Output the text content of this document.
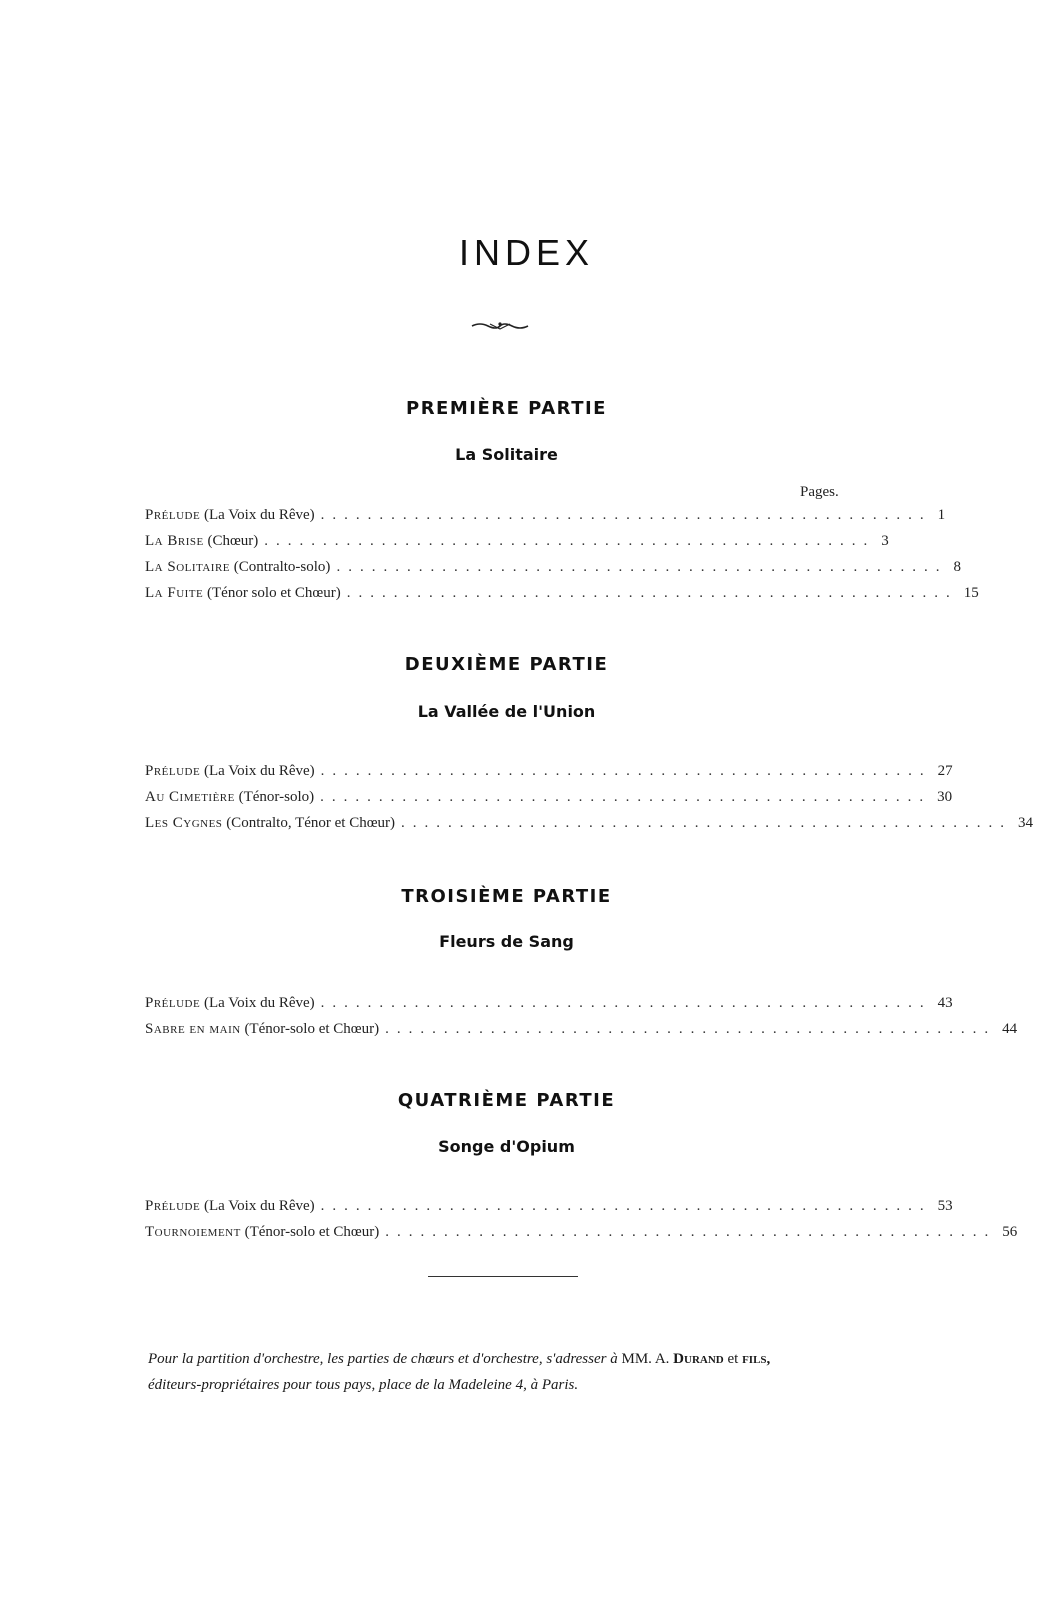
INDEX
PREMIÈRE PARTIE
La Solitaire
Pages.
Prélude (La Voix du Rêve) .................................................... 1
La Brise (Chœur) .................................................... 3
La Solitaire (Contralto-solo) .................................................... 8
La Fuite (Ténor solo et Chœur) .................................................... 15
DEUXIÈME PARTIE
La Vallée de l'Union
Prélude (La Voix du Rêve) .................................................... 27
Au Cimetière (Ténor-solo) .................................................... 30
Les Cygnes (Contralto, Ténor et Chœur) .................................................... 34
TROISIÈME PARTIE
Fleurs de Sang
Prélude (La Voix du Rêve) .................................................... 43
Sabre en main (Ténor-solo et Chœur) .................................................... 44
QUATRIÈME PARTIE
Songe d'Opium
Prélude (La Voix du Rêve) .................................................... 53
Tournoiement (Ténor-solo et Chœur) .................................................... 56
Pour la partition d'orchestre, les parties de chœurs et d'orchestre, s'adresser à MM. A. Durand et fils,
éditeurs-propriétaires pour tous pays, place de la Madeleine 4, à Paris.
